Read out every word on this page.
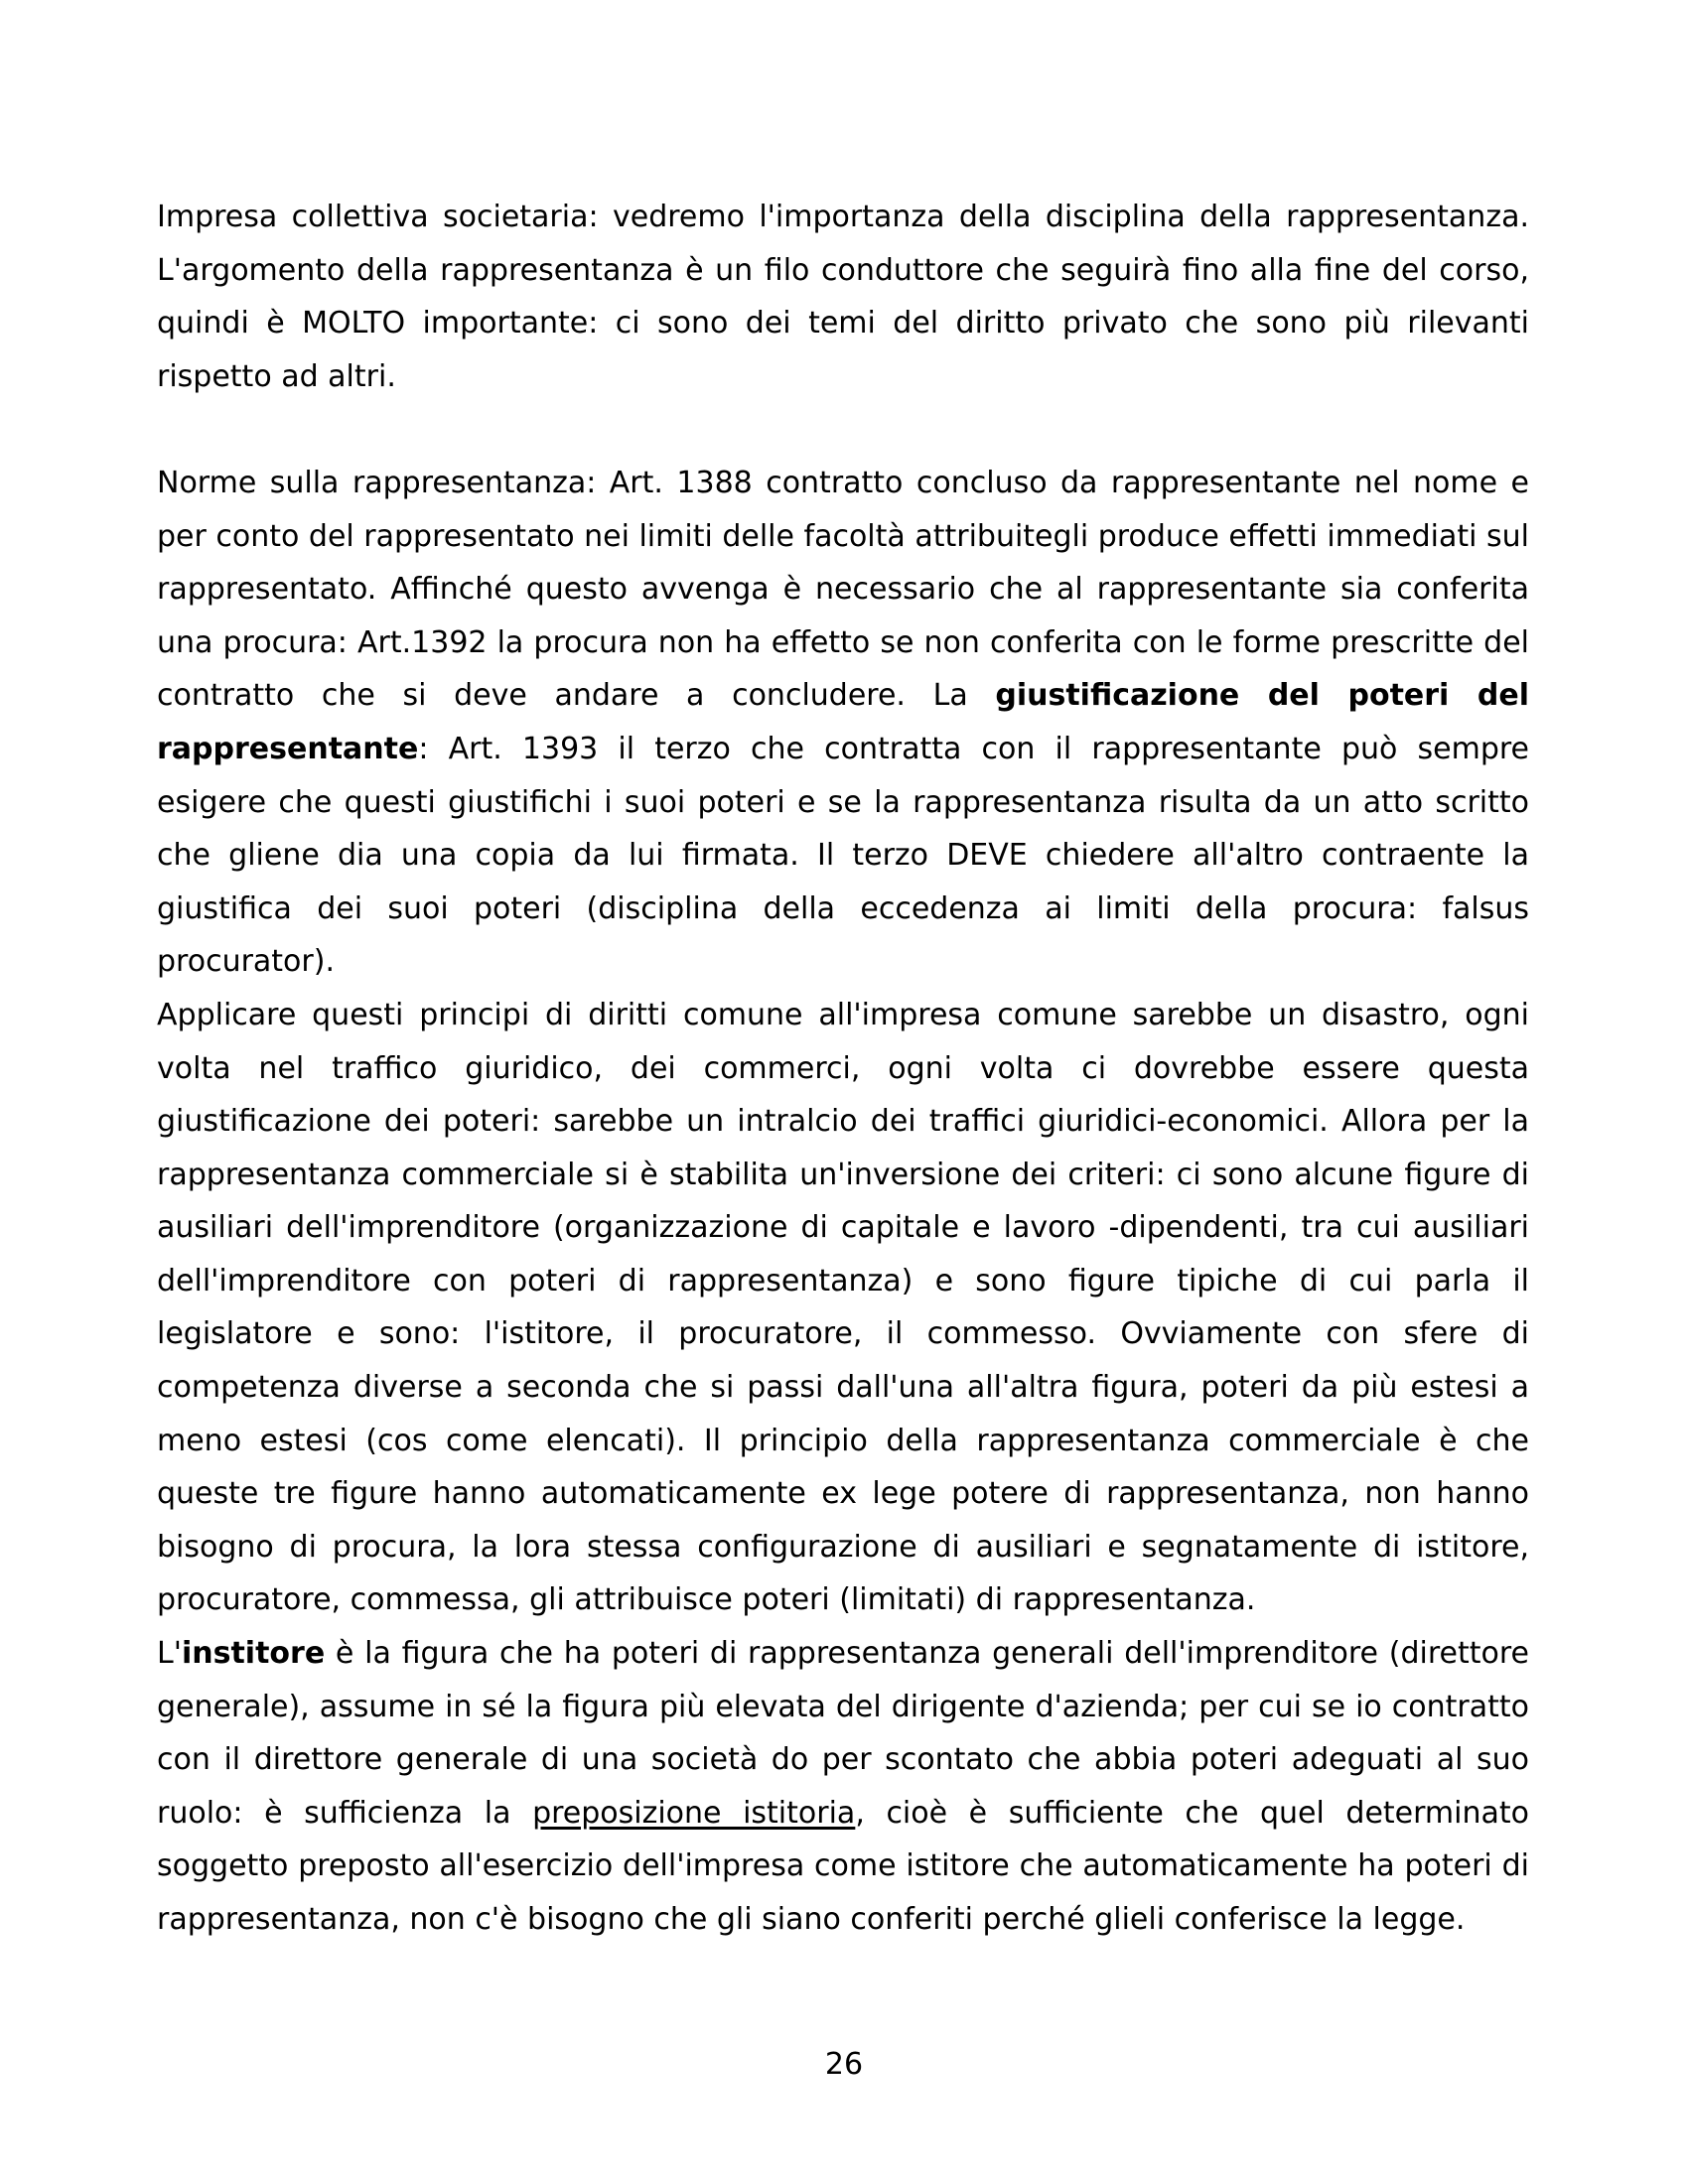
Impresa collettiva societaria: vedremo l'importanza della disciplina della rappresentanza. L'argomento della rappresentanza è un filo conduttore che seguirà fino alla fine del corso, quindi è MOLTO importante: ci sono dei temi del diritto privato che sono più rilevanti rispetto ad altri.

Norme sulla rappresentanza: Art. 1388 contratto concluso da rappresentante nel nome e per conto del rappresentato nei limiti delle facoltà attribuitegli produce effetti immediati sul rappresentato. Affinché questo avvenga è necessario che al rappresentante sia conferita una procura: Art.1392 la procura non ha effetto se non conferita con le forme prescritte del contratto che si deve andare a concludere. La giustificazione del poteri del rappresentante: Art. 1393 il terzo che contratta con il rappresentante può sempre esigere che questi giustifichi i suoi poteri e se la rappresentanza risulta da un atto scritto che gliene dia una copia da lui firmata. Il terzo DEVE chiedere all'altro contraente la giustifica dei suoi poteri (disciplina della eccedenza ai limiti della procura: falsus procurator).

Applicare questi principi di diritti comune all'impresa comune sarebbe un disastro, ogni volta nel traffico giuridico, dei commerci, ogni volta ci dovrebbe essere questa giustificazione dei poteri: sarebbe un intralcio dei traffici giuridici-economici. Allora per la rappresentanza commerciale si è stabilita un'inversione dei criteri: ci sono alcune figure di ausiliari dell'imprenditore (organizzazione di capitale e lavoro -dipendenti, tra cui ausiliari dell'imprenditore con poteri di rappresentanza) e sono figure tipiche di cui parla il legislatore e sono: l'istitore, il procuratore, il commesso. Ovviamente con sfere di competenza diverse a seconda che si passi dall'una all'altra figura, poteri da più estesi a meno estesi (cos come elencati). Il principio della rappresentanza commerciale è che queste tre figure hanno automaticamente ex lege potere di rappresentanza, non hanno bisogno di procura, la lora stessa configurazione di ausiliari e segnatamente di istitore, procuratore, commessa, gli attribuisce poteri (limitati) di rappresentanza.

L'institore è la figura che ha poteri di rappresentanza generali dell'imprenditore (direttore generale), assume in sé la figura più elevata del dirigente d'azienda; per cui se io contratto con il direttore generale di una società do per scontato che abbia poteri adeguati al suo ruolo: è sufficienza la preposizione istitoria, cioè è sufficiente che quel determinato soggetto preposto all'esercizio dell'impresa come istitore che automaticamente ha poteri di rappresentanza, non c'è bisogno che gli siano conferiti perché glieli conferisce la legge.

26
